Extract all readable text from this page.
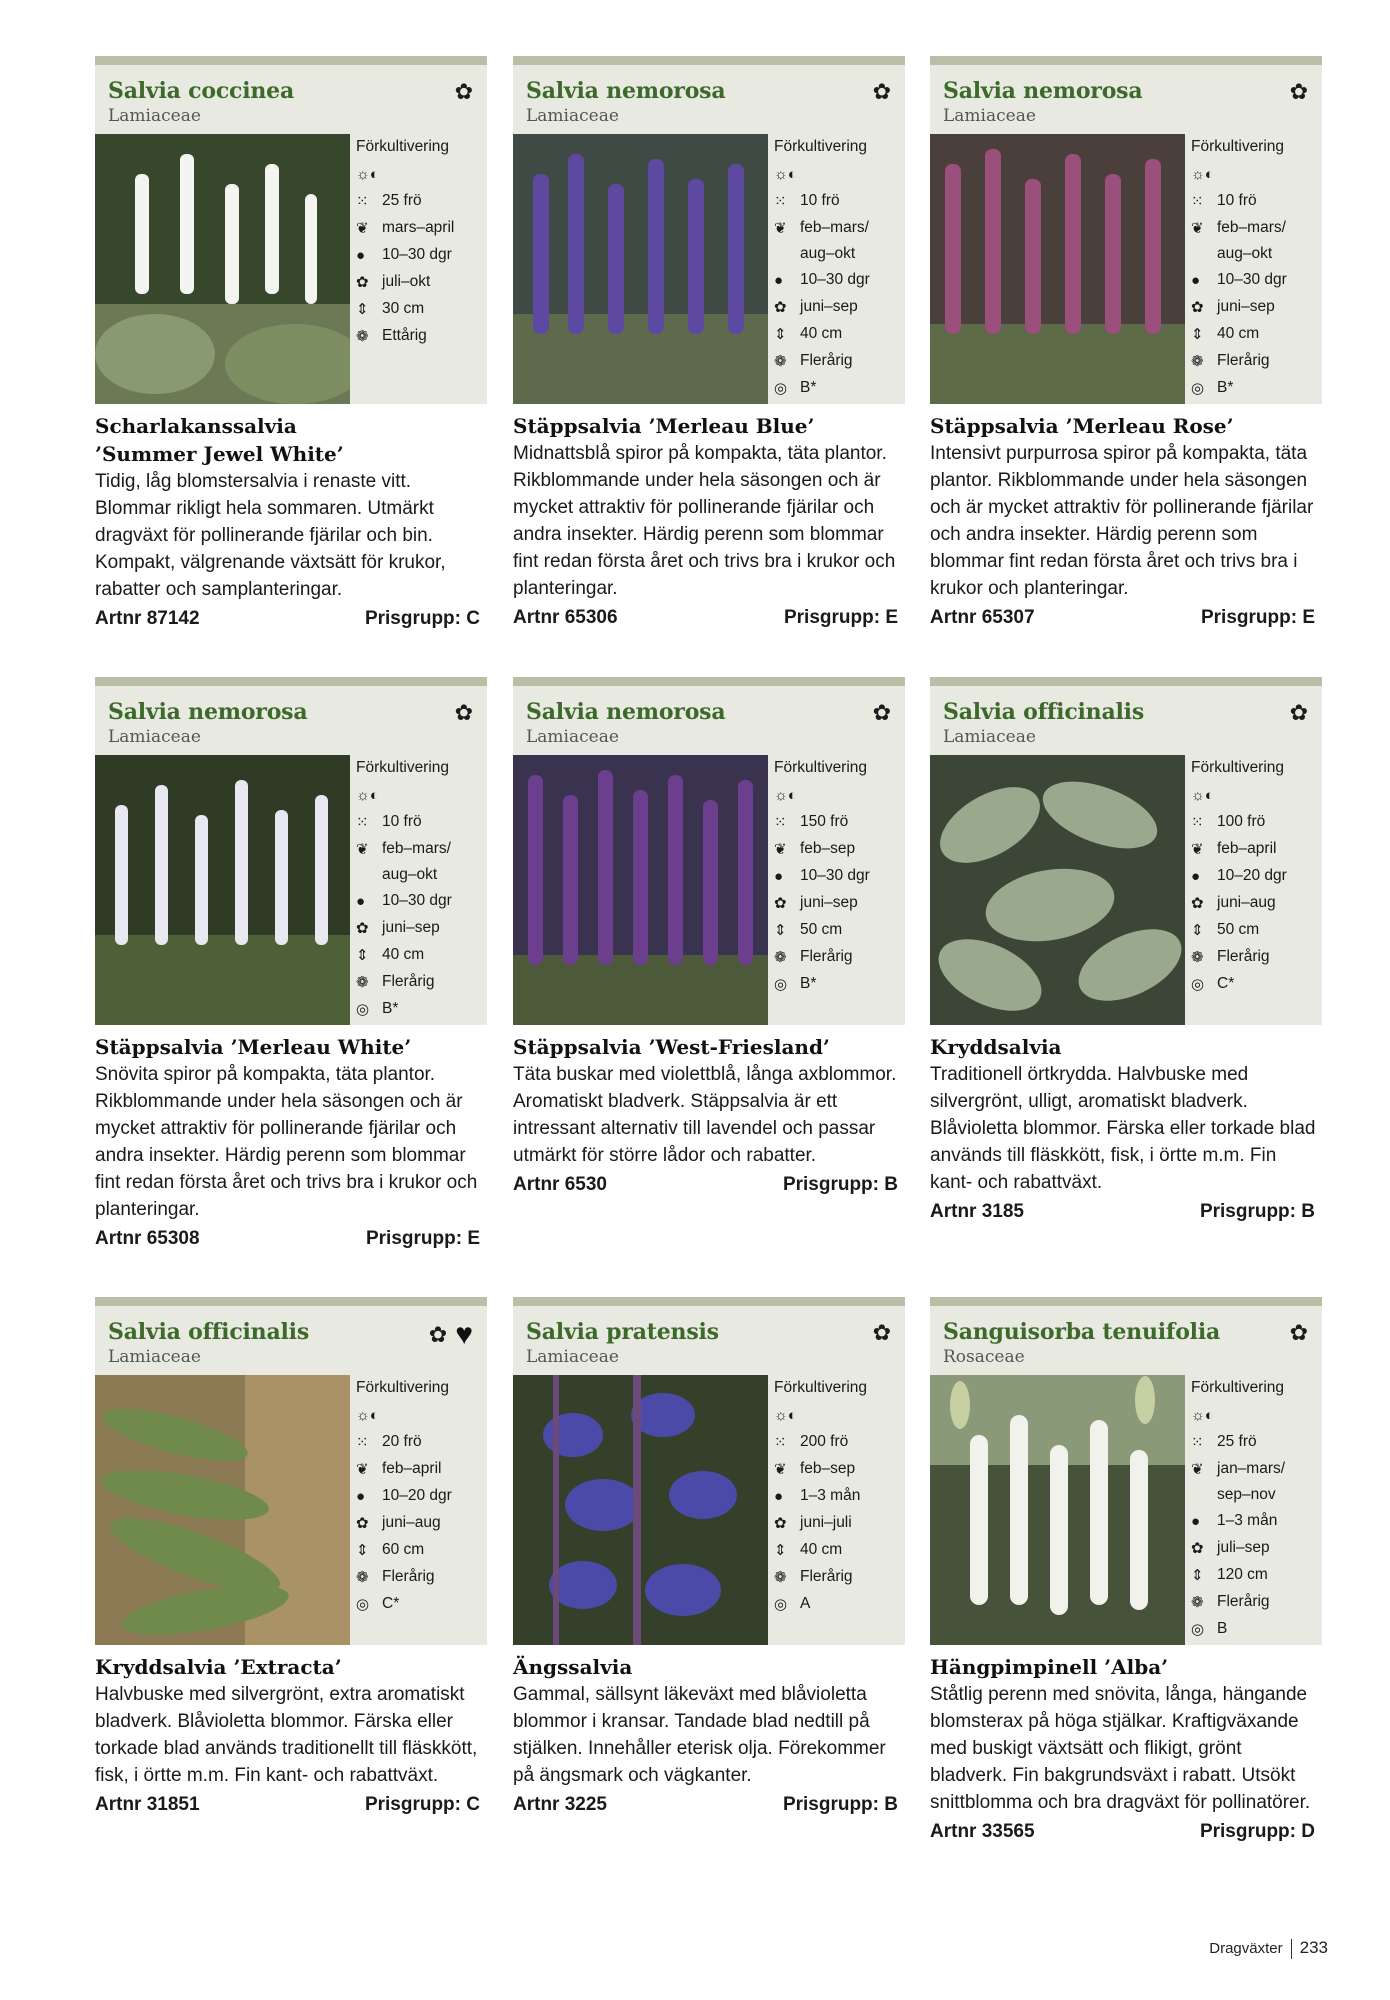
Salvia coccinea
Lamiaceae
✿
Förkultivering
☼◐
⁙ 25 frö
❦ mars–april
●	10–30 dgr
✿ juli–okt
⇕ 30 cm
❁ Ettårig
Scharlakanssalvia
’Summer Jewel White’
Tidig, låg blomstersalvia i renaste vitt. Blommar rikligt hela sommaren. Utmärkt dragväxt för pollinerande fjärilar och bin. Kompakt, välgrenande växtsätt för krukor, rabatter och samplanteringar.
Artnr 87142	Prisgrupp: C
Salvia nemorosa
Lamiaceae
✿
Förkultivering
☼◐
⁙ 10 frö
❦ feb–mars/
aug–okt
●	10–30 dgr
✿ juni–sep
⇕ 40 cm
❁ Flerårig
◎ B*
Stäppsalvia ’Merleau Blue’
Midnattsblå spiror på kompakta, täta plantor. Rikblommande under hela säsongen och är mycket attraktiv för pollinerande fjärilar och andra insekter. Härdig perenn som blommar fint redan första året och trivs bra i krukor och planteringar.
Artnr 65306	Prisgrupp: E
Salvia nemorosa
Lamiaceae
✿
Förkultivering
☼◐
⁙ 10 frö
❦ feb–mars/
aug–okt
●	10–30 dgr
✿ juni–sep
⇕ 40 cm
❁ Flerårig
◎ B*
Stäppsalvia ’Merleau Rose’
Intensivt purpurrosa spiror på kompakta, täta plantor. Rikblommande under hela säsongen och är mycket attraktiv för pollinerande fjärilar och andra insekter. Härdig perenn som blommar fint redan första året och trivs bra i krukor och planteringar.
Artnr 65307	Prisgrupp: E
Salvia nemorosa
Lamiaceae
✿
Förkultivering
☼◐
⁙ 10 frö
❦ feb–mars/
aug–okt
●	10–30 dgr
✿ juni–sep
⇕ 40 cm
❁ Flerårig
◎ B*
Stäppsalvia ’Merleau White’
Snövita spiror på kompakta, täta plantor. Rikblommande under hela säsongen och är mycket attraktiv för pollinerande fjärilar och andra insekter. Härdig perenn som blommar fint redan första året och trivs bra i krukor och planteringar.
Artnr 65308	Prisgrupp: E
Salvia nemorosa
Lamiaceae
✿
Förkultivering
☼◐
⁙ 150 frö
❦ feb–sep
●	10–30 dgr
✿ juni–sep
⇕ 50 cm
❁ Flerårig
◎ B*
Stäppsalvia ’West-Friesland’
Täta buskar med violettblå, långa axblommor. Aromatiskt bladverk. Stäppsalvia är ett intressant alternativ till lavendel och passar utmärkt för större lådor och rabatter.
Artnr 6530	Prisgrupp: B
Salvia officinalis
Lamiaceae
✿
Förkultivering
☼◐
⁙ 100 frö
❦ feb–april
●	10–20 dgr
✿ juni–aug
⇕ 50 cm
❁ Flerårig
◎ C*
Kryddsalvia
Traditionell örtkrydda. Halvbuske med silvergrönt, ulligt, aromatiskt bladverk. Blåvioletta blommor. Färska eller torkade blad används till fläskkött, fisk, i örtte m.m. Fin kant- och rabattväxt.
Artnr 3185	Prisgrupp: B
Salvia officinalis
Lamiaceae
✿ ♥
Förkultivering
☼◐
⁙ 20 frö
❦ feb–april
●	10–20 dgr
✿ juni–aug
⇕ 60 cm
❁ Flerårig
◎ C*
Kryddsalvia ’Extracta’
Halvbuske med silvergrönt, extra aromatiskt bladverk. Blåvioletta blommor. Färska eller torkade blad används traditionellt till fläskkött, fisk, i örtte m.m. Fin kant- och rabattväxt.
Artnr 31851	Prisgrupp: C
Salvia pratensis
Lamiaceae
✿
Förkultivering
☼◐
⁙ 200 frö
❦ feb–sep
●	1–3 mån
✿ juni–juli
⇕ 40 cm
❁ Flerårig
◎ A
Ängssalvia
Gammal, sällsynt läkeväxt med blåvioletta blommor i kransar. Tandade blad nedtill på stjälken. Innehåller eterisk olja. Förekommer på ängsmark och vägkanter.
Artnr 3225	Prisgrupp: B
Sanguisorba tenuifolia
Rosaceae
✿
Förkultivering
☼◐
⁙ 25 frö
❦ jan–mars/
sep–nov
●	1–3 mån
✿ juli–sep
⇕ 120 cm
❁ Flerårig
◎ B
Hängpimpinell ’Alba’
Ståtlig perenn med snövita, långa, hängande blomsterax på höga stjälkar. Kraftigväxande med buskigt växtsätt och flikigt, grönt bladverk. Fin bakgrundsväxt i rabatt. Utsökt snittblomma och bra dragväxt för pollinatörer.
Artnr 33565	Prisgrupp: D
Dragväxter 233
